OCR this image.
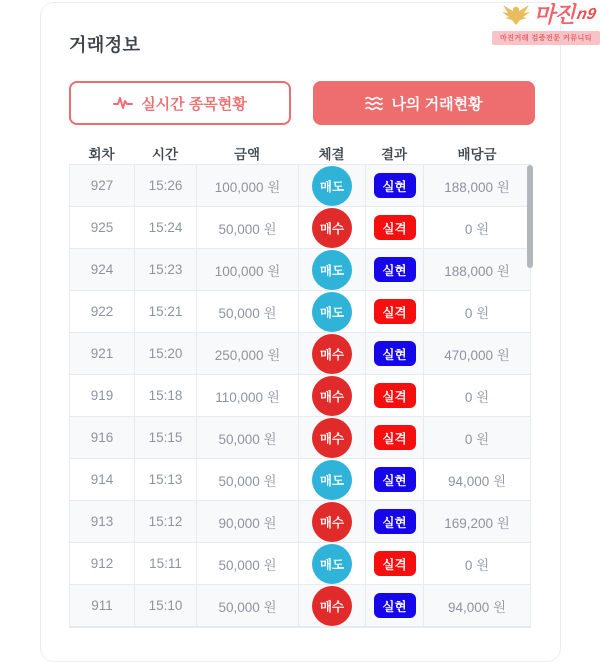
거래정보
실시간 종목현황	나의 거래현황
회차	시간	금액	체결	결과	배당금
927	15:26	100,000 원	매도	실현	188,000 원
925	15:24	50,000 원	매수	실격	0 원
924	15:23	100,000 원	매도	실현	188,000 원
922	15:21	50,000 원	매도	실격	0 원
921	15:20	250,000 원	매수	실현	470,000 원
919	15:18	110,000 원	매수	실격	0 원
916	15:15	50,000 원	매수	실격	0 원
914	15:13	50,000 원	매도	실현	94,000 원
913	15:12	90,000 원	매수	실현	169,200 원
912	15:11	50,000 원	매도	실격	0 원
911	15:10	50,000 원	매수	실현	94,000 원
마진 n9
마진거래 검증전문 커뮤니티
